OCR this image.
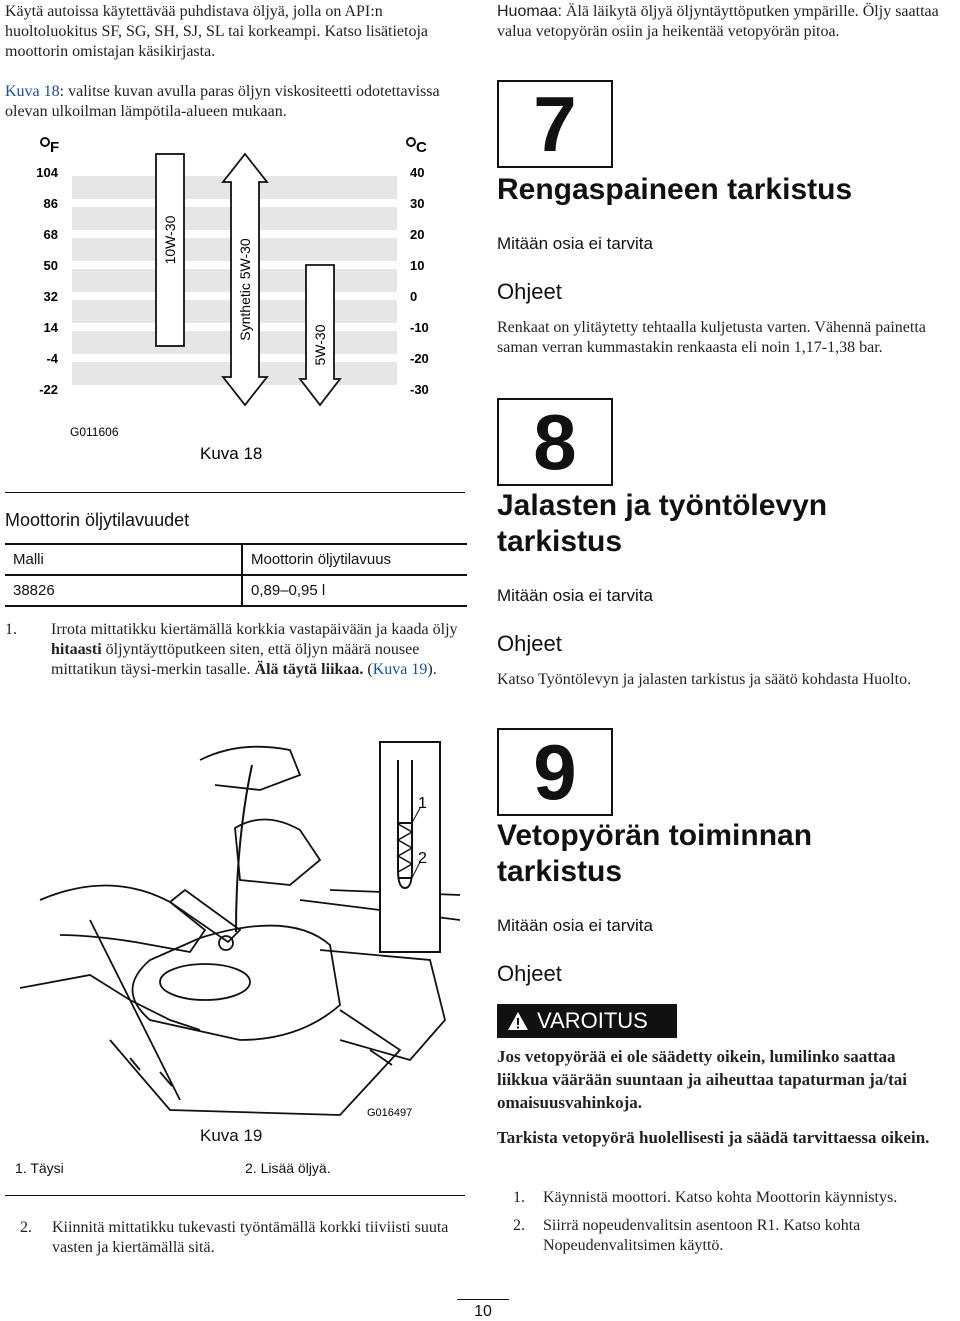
Käytä autoissa käytettävää puhdistava öljyä, jolla on API:n huoltoluokitus SF, SG, SH, SJ, SL tai korkeampi. Katso lisätietoja moottorin omistajan käsikirjasta.
Kuva 18: valitse kuvan avulla paras öljyn viskositeetti odotettavissa olevan ulkoilman lämpötila-alueen mukaan.
F	C
104
86
68
50
32
14
-4
-22
40
30
20
10
0
-10
-20
-30
10W-30	Synthetic 5W-30
5W-30
G011606
Kuva 18
Moottorin öljytilavuudet
Malli	Moottorin öljytilavuus
38826	0,89–0,95 l
1.	Irrota mittatikku kiertämällä korkkia vastapäivään ja kaada öljy hitaasti öljyntäyttöputkeen siten, että öljyn määrä nousee mittatikun täysi-merkin tasalle. Älä täytä liikaa. (Kuva 19).
1
2
G016497
Kuva 19
1. Täysi	2. Lisää öljyä.
2.	Kiinnitä mittatikku tukevasti työntämällä korkki tiiviisti suuta vasten ja kiertämällä sitä.
Huomaa: Älä läikytä öljyä öljyntäyttöputken ympärille. Öljy saattaa valua vetopyörän osiin ja heikentää vetopyörän pitoa.
7
Rengaspaineen tarkistus
Mitään osia ei tarvita
Ohjeet
Renkaat on ylitäytetty tehtaalla kuljetusta varten. Vähennä painetta saman verran kummastakin renkaasta eli noin 1,17-1,38 bar.
8
Jalasten ja työntölevyn tarkistus
Mitään osia ei tarvita
Ohjeet
Katso Työntölevyn ja jalasten tarkistus ja säätö kohdasta Huolto.
9
Vetopyörän toiminnan tarkistus
Mitään osia ei tarvita
Ohjeet
VAROITUS
Jos vetopyörää ei ole säädetty oikein, lumilinko saattaa liikkua väärään suuntaan ja aiheuttaa tapaturman ja/tai omaisuusvahinkoja.
Tarkista vetopyörä huolellisesti ja säädä tarvittaessa oikein.
1.	Käynnistä moottori. Katso kohta Moottorin käynnistys.
2.	Siirrä nopeudenvalitsin asentoon R1. Katso kohta Nopeudenvalitsimen käyttö.
10
